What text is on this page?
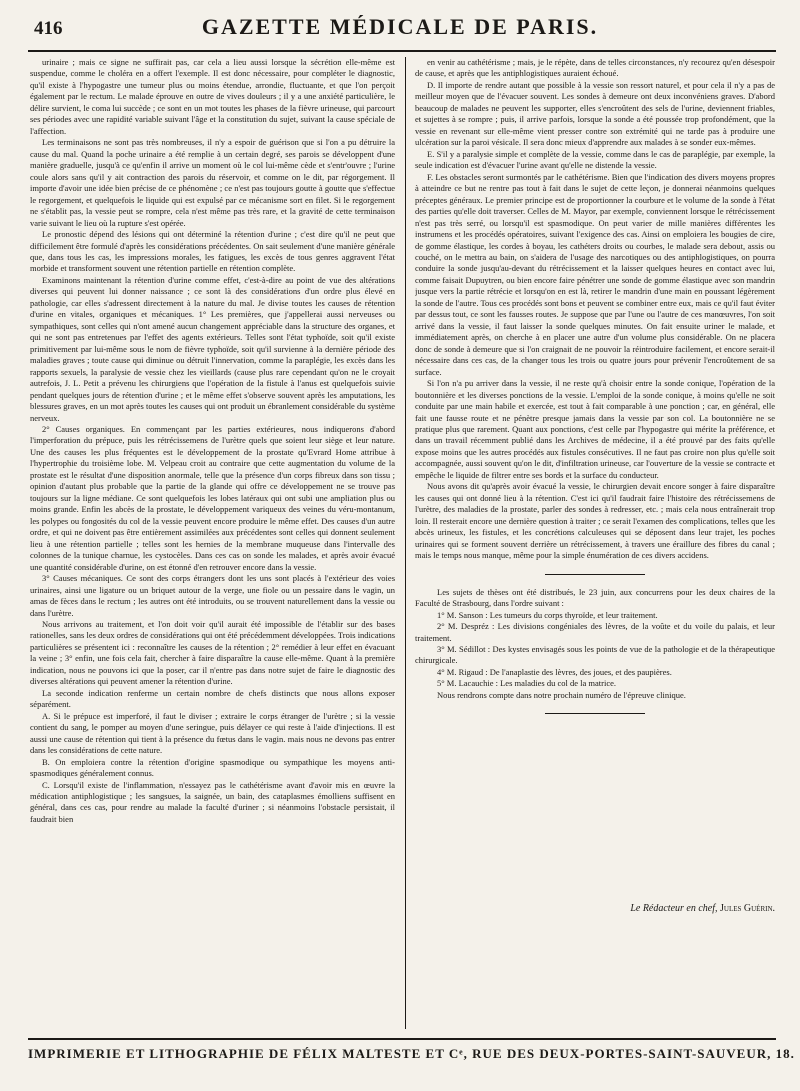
416	GAZETTE MÉDICALE DE PARIS.

urinaire ; mais ce signe ne suffirait pas, car cela a lieu aussi lorsque la sécrétion elle-même est suspendue, comme le choléra en a offert l'exemple. Il est donc nécessaire, pour compléter le diagnostic, qu'il existe à l'hypogastre une tumeur plus ou moins étendue, arrondie, fluctuante, et que l'on perçoit également par le rectum. Le malade éprouve en outre de vives douleurs ; il y a une anxiété particulière, le délire survient, le coma lui succède ; ce sont en un mot toutes les phases de la fièvre urineuse, qui parcourt ses périodes avec une rapidité variable suivant l'âge et la constitution du sujet, suivant la cause spéciale de l'affection.

Les terminaisons ne sont pas très nombreuses, il n'y a espoir de guérison que si l'on a pu détruire la cause du mal. Quand la poche urinaire a été remplie à un certain degré, ses parois se développent d'une manière graduelle, jusqu'à ce qu'enfin il arrive un moment où le col lui-même cède et s'entr'ouvre ; l'urine coule alors sans qu'il y ait contraction des parois du réservoir, et comme on le dit, par régorgement. Il importe d'avoir une idée bien précise de ce phénomène ; ce n'est pas toujours goutte à goutte que s'effectue le regorgement, et quelquefois le liquide qui est expulsé par ce mécanisme sort en filet. Si le regorgement ne s'établit pas, la vessie peut se rompre, cela n'est même pas très rare, et la gravité de cette terminaison varie suivant le lieu où la rupture s'est opérée.

Le pronostic dépend des lésions qui ont déterminé la rétention d'urine ; c'est dire qu'il ne peut que difficilement être formulé d'après les considérations précédentes. On sait seulement d'une manière générale que, dans tous les cas, les impressions morales, les fatigues, les excès de tous genres aggravent l'état morbide et transforment souvent une rétention partielle en rétention complète.

Examinons maintenant la rétention d'urine comme effet, c'est-à-dire au point de vue des altérations diverses qui peuvent lui donner naissance ; ce sont là des considérations d'un ordre plus élevé en pathologie, car elles s'adressent directement à la nature du mal. Je divise toutes les causes de rétention d'urine en vitales, organiques et mécaniques. 1° Les premières, que j'appellerai aussi nerveuses ou sympathiques, sont celles qui n'ont amené aucun changement appréciable dans la structure des organes, et qui ne sont pas entretenues par l'effet des agents extérieurs. Telles sont l'état typhoïde, soit qu'il existe primitivement par lui-même sous le nom de fièvre typhoïde, soit qu'il survienne à la dernière période des maladies graves ; toute cause qui diminue ou détruit l'innervation, comme la paraplégie, les excès dans les rapports sexuels, la paralysie de vessie chez les vieillards (cause plus rare cependant qu'on ne le croyait autrefois, J. L. Petit a prévenu les chirurgiens que l'opération de la fistule à l'anus est quelquefois suivie pendant quelques jours de rétention d'urine ; et le même effet s'observe souvent après les amputations, les blessures graves, en un mot après toutes les causes qui ont produit un ébranlement considérable du système nerveux.

2° Causes organiques. En commençant par les parties extérieures, nous indiquerons d'abord l'imperforation du prépuce, puis les rétrécissemens de l'urètre quels que soient leur siège et leur nature. Une des causes les plus fréquentes est le développement de la prostate qu'Evrard Home attribue à l'hypertrophie du troisième lobe. M. Velpeau croit au contraire que cette augmentation du volume de la prostate est le résultat d'une disposition anormale, telle que la présence d'un corps fibreux dans son tissu ; opinion d'autant plus probable que la partie de la glande qui offre ce développement ne se trouve pas toujours sur la ligne médiane. Ce sont quelquefois les lobes latéraux qui ont subi une ampliation plus ou moins grande. Enfin les abcès de la prostate, le développement variqueux des veines du véru-montanum, les polypes ou fongosités du col de la vessie peuvent encore produire le même effet. Des causes d'un autre ordre, et qui ne doivent pas être entièrement assimilées aux précédentes sont celles qui donnent seulement lieu à une rétention partielle ; telles sont les hernies de la membrane muqueuse dans l'intervalle des colonnes de la tunique charnue, les cystocèles. Dans ces cas on sonde les malades, et après avoir évacué une quantité considérable d'urine, on est étonné d'en retrouver encore dans la vessie.

3° Causes mécaniques. Ce sont des corps étrangers dont les uns sont placés à l'extérieur des voies urinaires, ainsi une ligature ou un briquet autour de la verge, une fiole ou un pessaire dans le vagin, un amas de fèces dans le rectum ; les autres ont été introduits, ou se trouvent naturellement dans la vessie ou dans l'urètre.

Nous arrivons au traitement, et l'on doit voir qu'il aurait été impossible de l'établir sur des bases rationelles, sans les deux ordres de considérations qui ont été précédemment développées. Trois indications particulières se présentent ici : reconnaître les causes de la rétention ; 2° remédier à leur effet en évacuant la veine ; 3° enfin, une fois cela fait, chercher à faire disparaître la cause elle-même. Quant à la première indication, nous ne pouvons ici que la poser, car il n'entre pas dans notre sujet de faire le diagnostic des diverses altérations qui peuvent amener la rétention d'urine.

La seconde indication renferme un certain nombre de chefs distincts que nous allons exposer séparément.

A. Si le prépuce est imperforé, il faut le diviser ; extraire le corps étranger de l'urètre ; si la vessie contient du sang, le pomper au moyen d'une seringue, puis délayer ce qui reste à l'aide d'injections. Il est aussi une cause de rétention qui tient à la présence du fœtus dans le vagin. mais nous ne devons pas entrer dans les considérations de cette nature.

B. On emploiera contre la rétention d'origine spasmodique ou sympathique les moyens anti-spasmodiques généralement connus.

C. Lorsqu'il existe de l'inflammation, n'essayez pas le cathétérisme avant d'avoir mis en œuvre la médication antiphlogistique ; les sangsues, la saignée, un bain, des cataplasmes émolliens suffisent en général, dans ces cas, pour rendre au malade la faculté d'uriner ; si néanmoins l'obstacle persistait, il faudrait bien

en venir au cathétérisme ; mais, je le répète, dans de telles circonstances, n'y recourez qu'en désespoir de cause, et après que les antiphlogistiques auraient échoué.

D. Il importe de rendre autant que possible à la vessie son ressort naturel, et pour cela il n'y a pas de meilleur moyen que de l'évacuer souvent. Les sondes à demeure ont deux inconvéniens graves. D'abord beaucoup de malades ne peuvent les supporter, elles s'encroûtent des sels de l'urine, deviennent friables, et sujettes à se rompre ; puis, il arrive parfois, lorsque la sonde a été poussée trop profondément, que la vessie en revenant sur elle-même vient presser contre son extrémité qui ne tarde pas à produire une ulcération sur la paroi vésicale. Il sera donc mieux d'apprendre aux malades à se sonder eux-mêmes.

E. S'il y a paralysie simple et complète de la vessie, comme dans le cas de paraplégie, par exemple, la seule indication est d'évacuer l'urine avant qu'elle ne distende la vessie.

F. Les obstacles seront surmontés par le cathétérisme. Bien que l'indication des divers moyens propres à atteindre ce but ne rentre pas tout à fait dans le sujet de cette leçon, je donnerai néanmoins quelques préceptes généraux. Le premier principe est de proportionner la courbure et le volume de la sonde à l'état des parties qu'elle doit traverser. Celles de M. Mayor, par exemple, conviennent lorsque le rétrécissement n'est pas très serré, ou lorsqu'il est spasmodique. On peut varier de mille manières différentes les instrumens et les procédés opératoires, suivant l'exigence des cas. Ainsi on emploiera les bougies de cire, de gomme élastique, les cordes à boyau, les cathéters droits ou courbes, le malade sera debout, assis ou couché, on le mettra au bain, on s'aidera de l'usage des narcotiques ou des antiphlogistiques, on pourra conduire la sonde jusqu'au-devant du rétrécissement et la laisser quelques heures en contact avec lui, comme faisait Dupuytren, ou bien encore faire pénétrer une sonde de gomme élastique avec son mandrin jusque vers la partie rétrécie et lorsqu'on en est là, retirer le mandrin d'une main en poussant légèrement la sonde de l'autre. Tous ces procédés sont bons et peuvent se combiner entre eux, mais ce qu'il faut éviter par dessus tout, ce sont les fausses routes. Je suppose que par l'une ou l'autre de ces manœuvres, l'on soit arrivé dans la vessie, il faut laisser la sonde quelques minutes. On fait ensuite uriner le malade, et immédiatement après, on cherche à en placer une autre d'un volume plus considérable. On ne placera donc de sonde à demeure que si l'on craignait de ne pouvoir la réintroduire facilement, et encore serait-il nécessaire dans ces cas, de la changer tous les trois ou quatre jours pour prévenir l'encroûtement de sa surface.

Si l'on n'a pu arriver dans la vessie, il ne reste qu'à choisir entre la sonde conique, l'opération de la boutonnière et les diverses ponctions de la vessie. L'emploi de la sonde conique, à moins qu'elle ne soit conduite par une main habile et exercée, est tout à fait comparable à une ponction ; car, en général, elle fait une fausse route et ne pénètre presque jamais dans la vessie par son col. La boutonnière ne se pratique plus que rarement. Quant aux ponctions, c'est celle par l'hypogastre qui mérite la préférence, et dans un travail récemment publié dans les Archives de médecine, il a été prouvé par des faits qu'elle expose moins que les autres procédés aux fistules consécutives. Il ne faut pas croire non plus qu'elle soit accompagnée, aussi souvent qu'on le dit, d'infiltration urineuse, car l'ouverture de la vessie se contracte et empêche le liquide de filtrer entre ses bords et la surface du conducteur.

Nous avons dit qu'après avoir évacué la vessie, le chirurgien devait encore songer à faire disparaître les causes qui ont donné lieu à la rétention. C'est ici qu'il faudrait faire l'histoire des rétrécissemens de l'urètre, des maladies de la prostate, parler des sondes à redresser, etc. ; mais cela nous entraînerait trop loin. Il resterait encore une dernière question à traiter ; ce serait l'examen des complications, telles que les abcès urineux, les fistules, et les concrétions calculeuses qui se déposent dans leur trajet, les poches urinaires qui se forment souvent derrière un rétrécissement, à travers une éraillure des fibres du canal ; mais le temps nous manque, même pour la simple énumération de ces divers accidens.

Les sujets de thèses ont été distribués, le 23 juin, aux concurrens pour les deux chaires de la Faculté de Strasbourg, dans l'ordre suivant :

1° M. Sanson : Les tumeurs du corps thyroïde, et leur traitement.

2° M. Despréz : Les divisions congéniales des lèvres, de la voûte et du voile du palais, et leur traitement.

3° M. Sédillot : Des kystes envisagés sous les points de vue de la pathologie et de la thérapeutique chirurgicale.

4° M. Rigaud : De l'anaplastie des lèvres, des joues, et des paupières.

5° M. Lacauchie : Les maladies du col de la matrice.

Nous rendrons compte dans notre prochain numéro de l'épreuve clinique.

Le Rédacteur en chef, Jules Guérin.
IMPRIMERIE ET LITHOGRAPHIE DE FÉLIX MALTESTE ET Cᵉ, RUE DES DEUX-PORTES-SAINT-SAUVEUR, 18.
